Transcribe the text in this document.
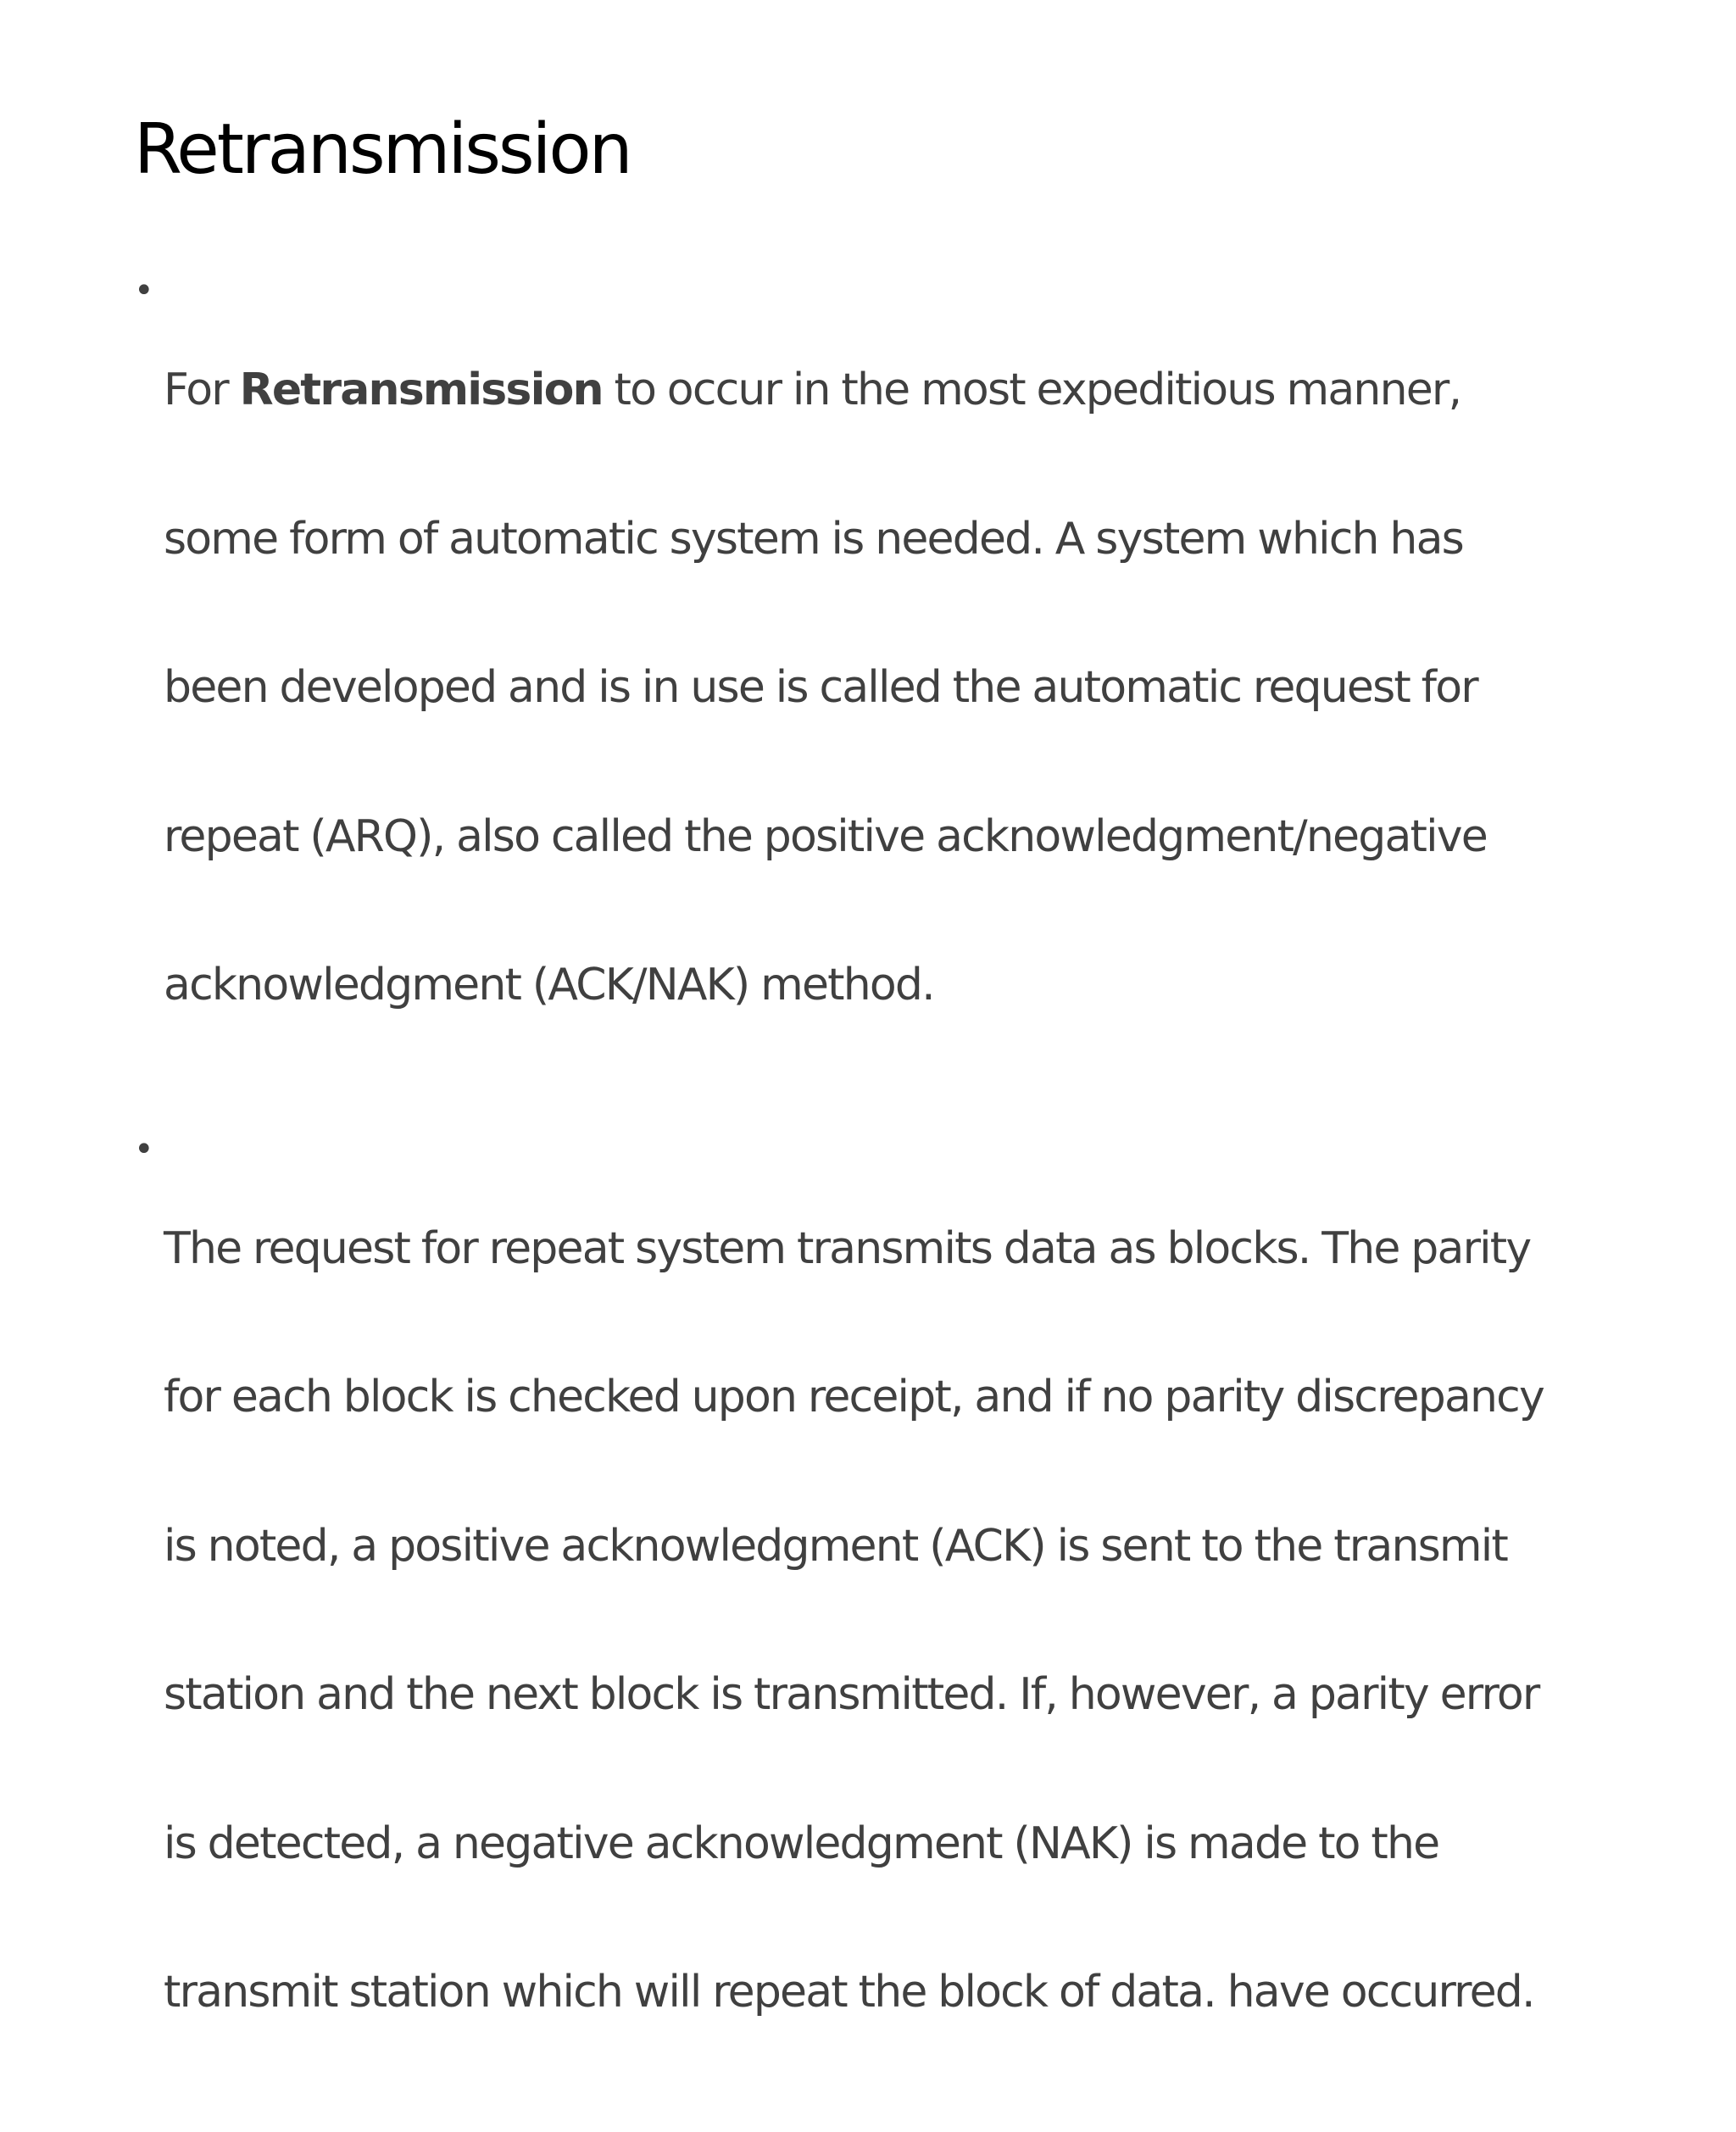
Retransmission
•

For Retransmission to occur in the most expeditious manner,

some form of automatic system is needed. A system which has

been developed and is in use is called the automatic request for

repeat (ARQ), also called the positive acknowledgment/negative

acknowledgment (ACK/NAK) method.

•

The request for repeat system transmits data as blocks. The parity

for each block is checked upon receipt, and if no parity discrepancy

is noted, a positive acknowledgment (ACK) is sent to the transmit

station and the next block is transmitted. If, however, a parity error

is detected, a negative acknowledgment (NAK) is made to the

transmit station which will repeat the block of data. have occurred.
